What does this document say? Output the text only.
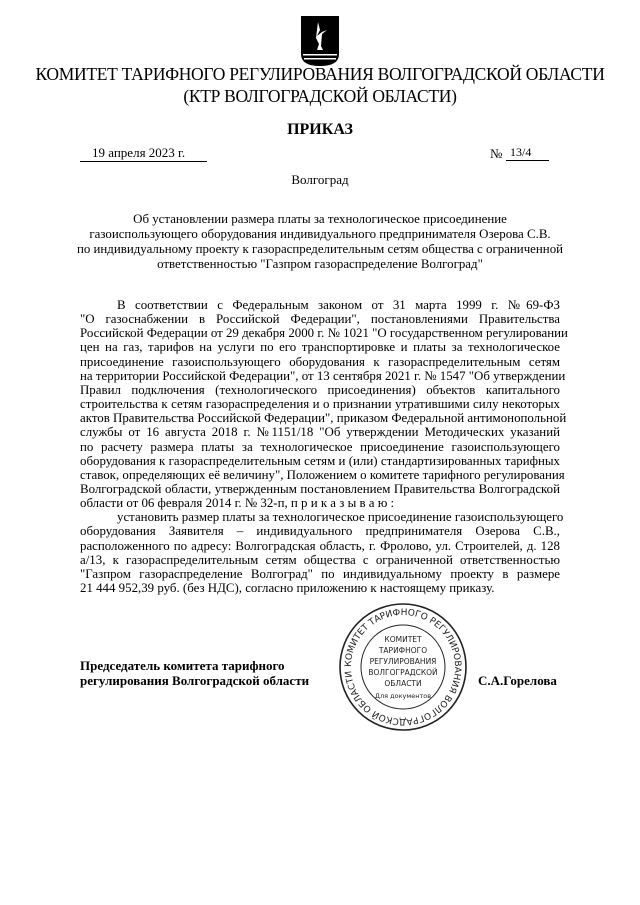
КОМИТЕТ ТАРИФНОГО РЕГУЛИРОВАНИЯ ВОЛГОГРАДСКОЙ ОБЛАСТИ
(КТР ВОЛГОГРАДСКОЙ ОБЛАСТИ)
ПРИКАЗ
19 апреля 2023 г.	№ 13/4
Волгоград
Об установлении размера платы за технологическое присоединение
газоиспользующего оборудования индивидуального предпринимателя Озерова С.В.
по индивидуальному проекту к газораспределительным сетям общества с ограниченной
ответственностью "Газпром газораспределение Волгоград"
В соответствии с Федеральным законом от 31 марта 1999 г. №69-ФЗ
"О газоснабжении в Российской Федерации", постановлениями Правительства
Российской Федерации от 29 декабря 2000 г. № 1021 "О государственном регулировании
цен на газ, тарифов на услуги по его транспортировке и платы за технологическое
присоединение газоиспользующего оборудования к газораспределительным сетям
на территории Российской Федерации", от 13 сентября 2021 г. № 1547 "Об утверждении
Правил подключения (технологического присоединения) объектов капитального
строительства к сетям газораспределения и о признании утратившими силу некоторых
актов Правительства Российской Федерации", приказом Федеральной антимонопольной
службы от 16 августа 2018 г. №1151/18 "Об утверждении Методических указаний
по расчету размера платы за технологическое присоединение газоиспользующего
оборудования к газораспределительным сетям и (или) стандартизированных тарифных
ставок, определяющих её величину", Положением о комитете тарифного регулирования
Волгоградской области, утвержденным постановлением Правительства Волгоградской
области от 06 февраля 2014 г. № 32-п, п р и к а з ы в а ю :
установить размер платы за технологическое присоединение газоиспользующего
оборудования Заявителя – индивидуального предпринимателя Озерова С.В.,
расположенного по адресу: Волгоградская область, г. Фролово, ул. Строителей, д. 128
а/13, к газораспределительным сетям общества с ограниченной ответственностью
"Газпром газораспределение Волгоград" по индивидуальному проекту в размере
21 444 952,39 руб. (без НДС), согласно приложению к настоящему приказу.
Председатель комитета тарифного
регулирования Волгоградской области	С.А.Горелова
КОМИТЕТ ТАРИФНОГО РЕГУЛИРОВАНИЯ ВОЛГОГРАДСКОЙ ОБЛАСТИ
КОМИТЕТ ТАРИФНОГО РЕГУЛИРОВАНИЯ ВОЛГОГРАДСКОЙ ОБЛАСТИ Для документов
